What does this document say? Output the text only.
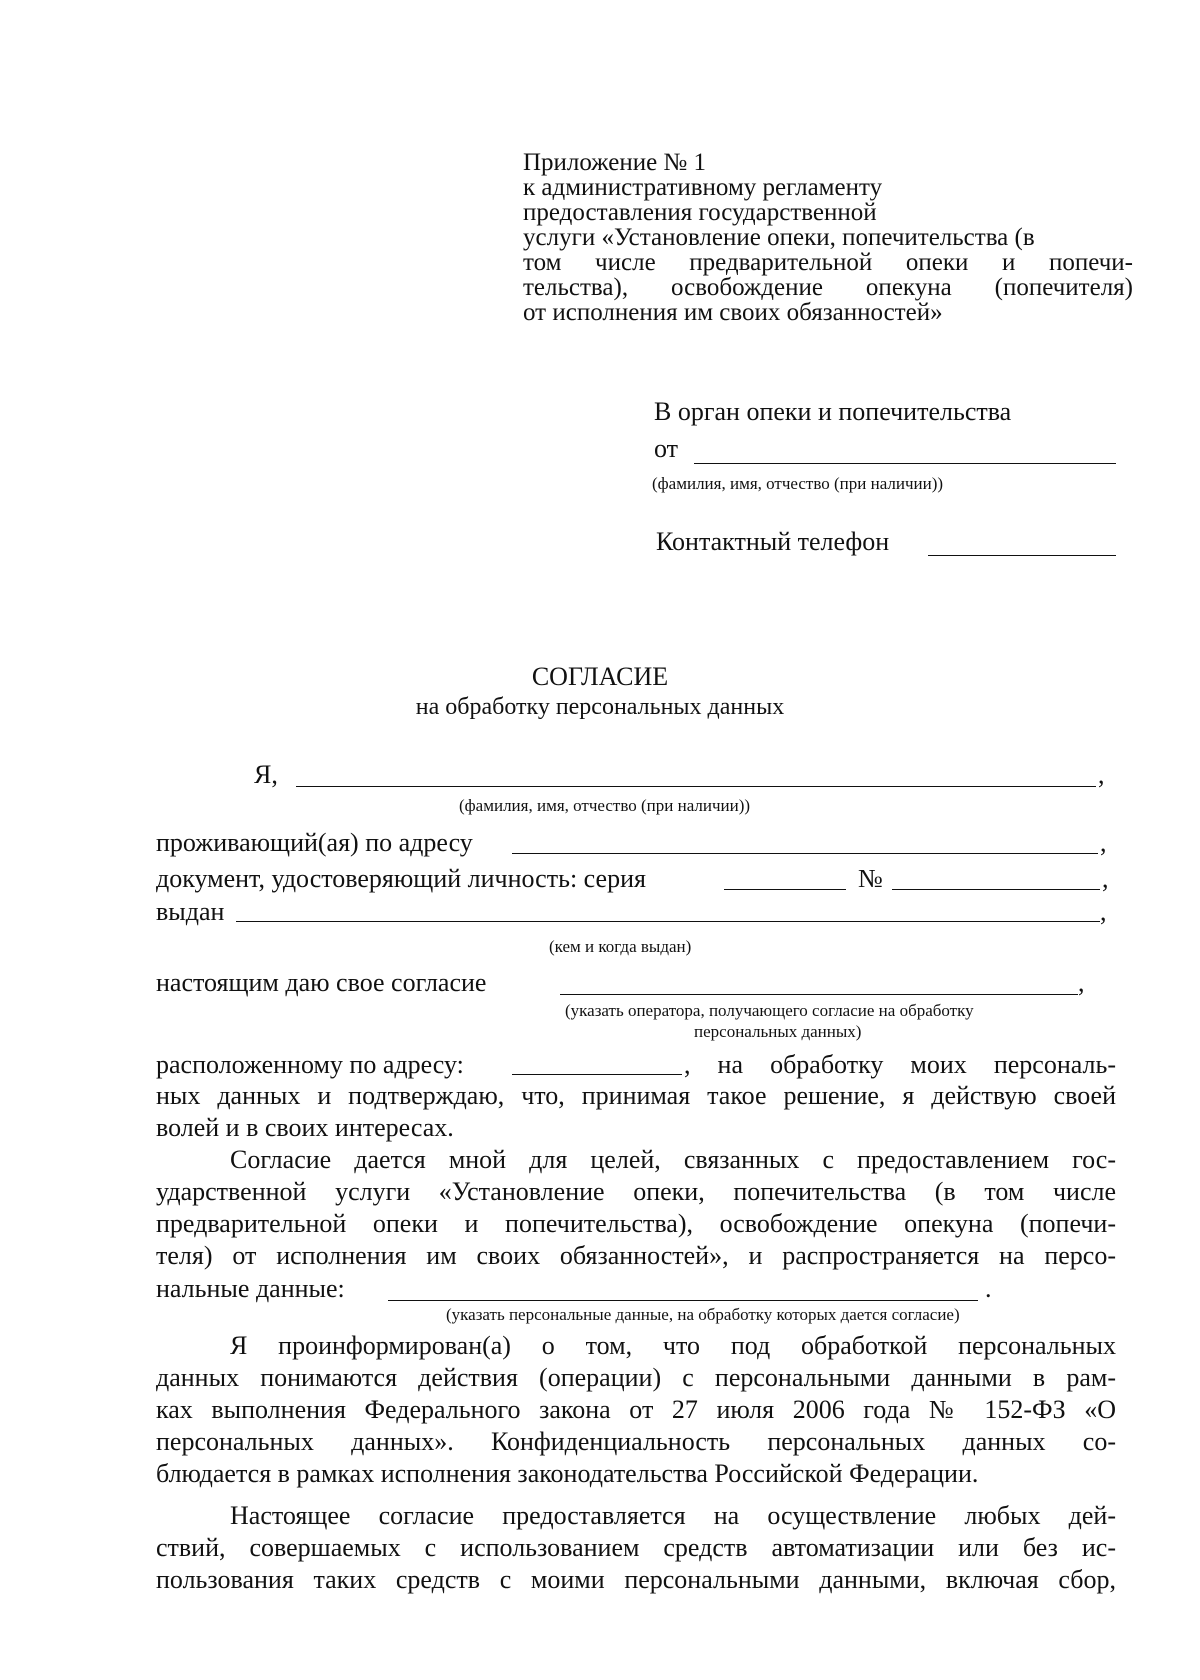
Приложение № 1
к административному регламенту
предоставления государственной
услуги «Установление опеки, попечительства (в
том числе предварительной опеки и попечи-
тельства), освобождение опекуна (попечителя)
от исполнения им своих обязанностей»
В орган опеки и попечительства
от
(фамилия, имя, отчество (при наличии))
Контактный телефон
СОГЛАСИЕ
на обработку персональных данных
Я,	,
(фамилия, имя, отчество (при наличии))
проживающий(ая) по адресу	,
документ, удостоверяющий личность: серия	№	,
выдан	,
(кем и когда выдан)
настоящим даю свое согласие	,
(указать оператора, получающего согласие на обработку
персональных данных)
расположенному по адресу:	, на обработку моих персональ-
ных данных и подтверждаю, что, принимая такое решение, я действую своей
волей и в своих интересах.
Согласие дается мной для целей, связанных с предоставлением гос-
ударственной услуги «Установление опеки, попечительства (в том числе
предварительной опеки и попечительства), освобождение опекуна (попечи-
теля) от исполнения им своих обязанностей», и распространяется на персо-
нальные данные:	.
(указать персональные данные, на обработку которых дается согласие)
Я проинформирован(а) о том, что под обработкой персональных
данных понимаются действия (операции) с персональными данными в рам-
ках выполнения Федерального закона от 27 июля 2006 года № 152-ФЗ «О
персональных данных». Конфиденциальность персональных данных со-
блюдается в рамках исполнения законодательства Российской Федерации.
Настоящее согласие предоставляется на осуществление любых дей-
ствий, совершаемых с использованием средств автоматизации или без ис-
пользования таких средств с моими персональными данными, включая сбор,
